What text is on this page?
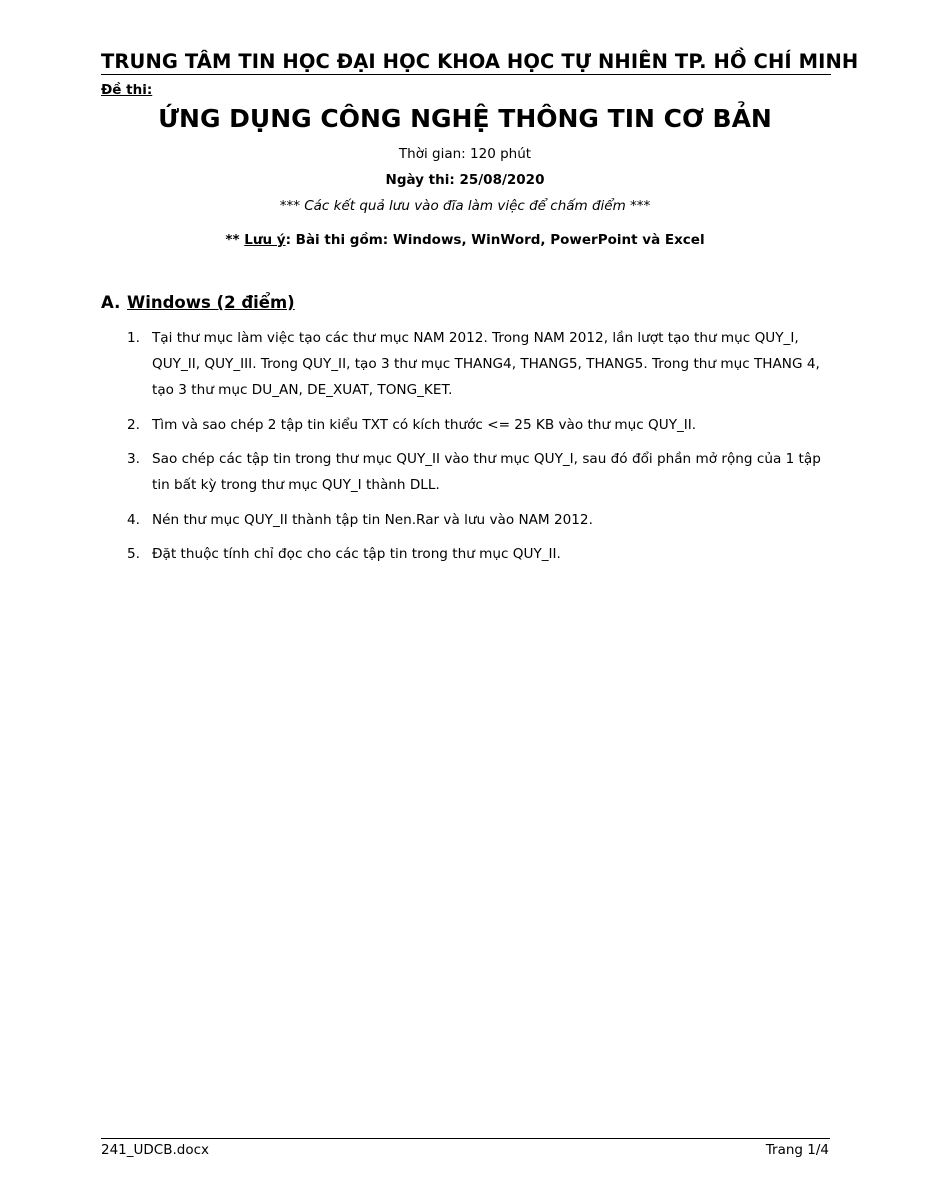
TRUNG TÂM TIN HỌC ĐẠI HỌC KHOA HỌC TỰ NHIÊN TP. HỒ CHÍ MINH
Đề thi:
ỨNG DỤNG CÔNG NGHỆ THÔNG TIN CƠ BẢN
Thời gian: 120 phút
Ngày thi: 25/08/2020
*** Các kết quả lưu vào đĩa làm việc để chấm điểm ***
** Lưu ý: Bài thi gồm: Windows, WinWord, PowerPoint và Excel
A. Windows (2 điểm)
1. Tại thư mục làm việc tạo các thư mục NAM 2012. Trong NAM 2012, lần lượt tạo thư mục QUY_I, QUY_II, QUY_III. Trong QUY_II, tạo 3 thư mục THANG4, THANG5, THANG5. Trong thư mục THANG 4, tạo 3 thư mục DU_AN, DE_XUAT, TONG_KET.
2. Tìm và sao chép 2 tập tin kiểu TXT có kích thước <= 25 KB vào thư mục QUY_II.
3. Sao chép các tập tin trong thư mục QUY_II vào thư mục QUY_I, sau đó đổi phần mở rộng của 1 tập tin bất kỳ trong thư mục QUY_I thành DLL.
4. Nén thư mục QUY_II thành tập tin Nen.Rar và lưu vào NAM 2012.
5. Đặt thuộc tính chỉ đọc cho các tập tin trong thư mục QUY_II.
241_UDCB.docx	Trang 1/4
